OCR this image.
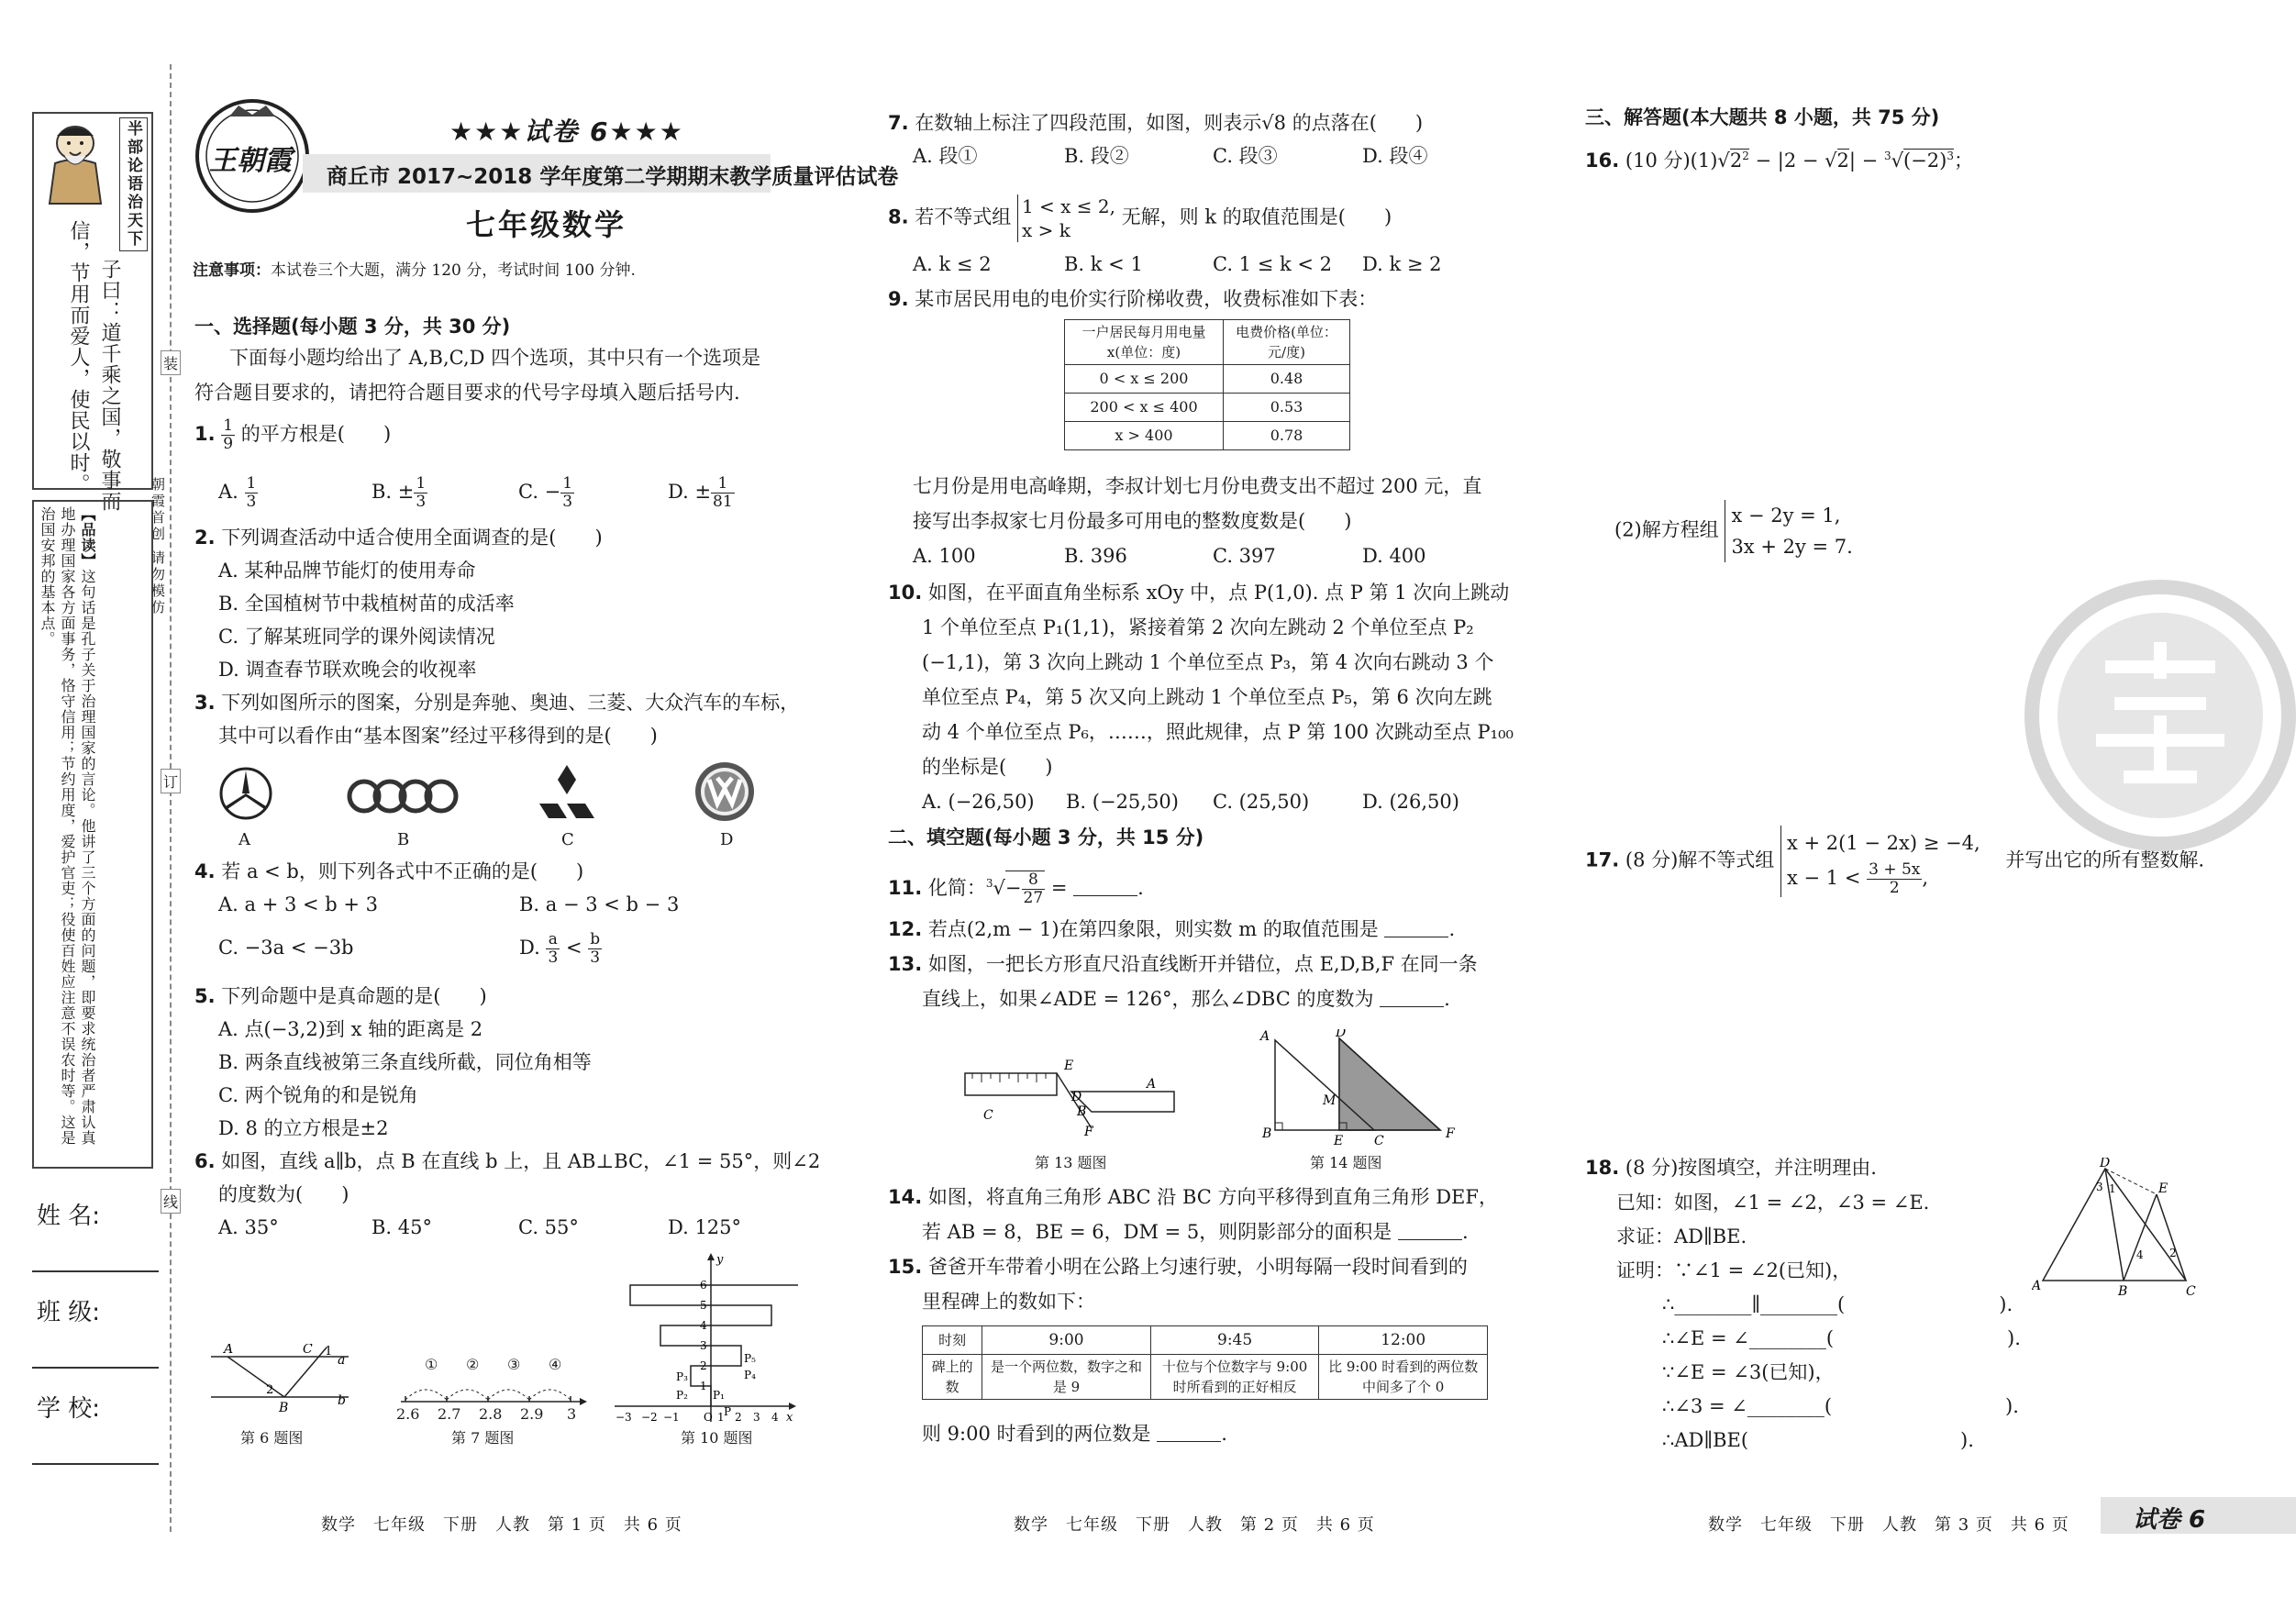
半部论语治天下
子曰：道千乘之国，敬事而
信，节用而爱人，使民以时。
【品读】这句话是孔子关于治理国家的言论。他讲了三个方面的问题，即要求统治者严肃认真地办理国家各方面事务，恪守信用；节约用度，爱护官吏；役使百姓应注意不误农时等。这是治国安邦的基本点。
装
订
线
朝霞首创 请勿模仿
姓 名:
班 级:
学 校:
王朝霞
★★★试卷 6★★★
商丘市 2017~2018 学年度第二学期期末教学质量评估试卷
七年级数学
注意事项：本试卷三个大题，满分 120 分，考试时间 100 分钟.
一、选择题(每小题 3 分，共 30 分)
下面每小题均给出了 A,B,C,D 四个选项，其中只有一个选项是
符合题目要求的，请把符合题目要求的代号字母填入题后括号内.
1. $\frac{1}{9}$ 的平方根是(　　)
A. $\frac{1}{3}$	B. ± $\frac{1}{3}$	C. − $\frac{1}{3}$	D. ± $\frac{1}{81}$
2. 下列调查活动中适合使用全面调查的是(　　)
A. 某种品牌节能灯的使用寿命
B. 全国植树节中栽植树苗的成活率
C. 了解某班同学的课外阅读情况
D. 调查春节联欢晚会的收视率
3. 下列如图所示的图案，分别是奔驰、奥迪、三菱、大众汽车的车标，
其中可以看作由“基本图案”经过平移得到的是(　　)
A	B	C	D
4. 若 a < b，则下列各式中不正确的是(　　)
A. a + 3 < b + 3	B. a − 3 < b − 3
C. −3a < −3b	D. $\frac{a}{3} < \frac{b}{3}$
5. 下列命题中是真命题的是(　　)
A. 点(−3,2)到 x 轴的距离是 2
B. 两条直线被第三条直线所截，同位角相等
C. 两个锐角的和是锐角
D. 8 的立方根是±2
6. 如图，直线 a∥b，点 B 在直线 b 上，且 AB⊥BC，∠1 = 55°，则∠2
的度数为(　　)
A. 35°	B. 45°	C. 55°	D. 125°
A	C 1
a
b
2
B
第 6 题图
① ② ③ ④
2.6 2.7 2.8 2.9 3
第 7 题图
y
x
6
5
4
3
2
1
−3 −2 −1 O 1 2 3 4
P₅
P₄
P₃
P₂ P₁
P
第 10 题图
7. 在数轴上标注了四段范围，如图，则表示√8 的点落在(　　)
A. 段①	B. 段②	C. 段③	D. 段④
8. 若不等式组 1 < x ≤ 2,
x > k
无解，则 k 的取值范围是(　　)
A. k ≤ 2	B. k < 1	C. 1 ≤ k < 2 D. k ≥ 2
9. 某市居民用电的电价实行阶梯收费，收费标准如下表：
一户居民每月用电量 x(单位：度)	电费价格(单位：元/度)
0 < x ≤ 200	0.48
200 < x ≤ 400	0.53
x > 400	0.78
七月份是用电高峰期，李叔计划七月份电费支出不超过 200 元，直
接写出李叔家七月份最多可用电的整数度数是(　　)
A. 100	B. 396	C. 397	D. 400
10. 如图，在平面直角坐标系 xOy 中，点 P(1,0). 点 P 第 1 次向上跳动
1 个单位至点 P₁(1,1)，紧接着第 2 次向左跳动 2 个单位至点 P₂
(−1,1)，第 3 次向上跳动 1 个单位至点 P₃，第 4 次向右跳动 3 个
单位至点 P₄，第 5 次又向上跳动 1 个单位至点 P₅，第 6 次向左跳
动 4 个单位至点 P₆，……，照此规律，点 P 第 100 次跳动至点 P₁₀₀
的坐标是(　　)
A. (−26,50) B. (−25,50) C. (25,50)	D. (26,50)
二、填空题(每小题 3 分，共 15 分)
11. 化简：$^3√- \frac{8}{27}$ =	.
12. 若点(2,m − 1)在第四象限，则实数 m 的取值范围是	.
13. 如图，一把长方形直尺沿直线断开并错位，点 E,D,B,F 在同一条
直线上，如果∠ADE = 126°，那么∠DBC 的度数为	.
E
D
B
F
A
C
第 13 题图
A	D
M
B	E C	F
第 14 题图
14. 如图，将直角三角形 ABC 沿 BC 方向平移得到直角三角形 DEF，
若 AB = 8，BE = 6，DM = 5，则阴影部分的面积是	.
15. 爸爸开车带着小明在公路上匀速行驶，小明每隔一段时间看到的
里程碑上的数如下：
时刻	9:00	9:45	12:00
碑上的数	是一个两位数，数字之和是 9	十位与个位数字与 9:00 时所看到的正好相反	比 9:00 时看到的两位数中间多了个 0
则 9:00 时看到的两位数是	.
三、解答题(本大题共 8 小题，共 75 分)
16. (10 分)$(1)√2^2 - |2 - √2| - ^3√(-2)^3$；
(2)解方程组
x − 2y = 1,
3x + 2y = 7.
17. (8 分)解不等式组
x + 2(1 − 2x) ≥ −4,
$x - 1 < \frac{3 + 5x}{2}$ ,
　并写出它的所有整数解.
18. (8 分)按图填空，并注明理由.
已知：如图，∠1 = ∠2，∠3 = ∠E.
求证：AD∥BE.
证明：∵∠1 = ∠2(已知)，
∴________∥________(　　　　　　　　).
∴∠E = ∠________(　　　　　　　　　).
∵∠E = ∠3(已知)，
∴∠3 = ∠________(　　　　　　　　　).
∴AD∥BE(　　　　　　　　　　　).
D
3 1	E
2
4
A	B	C
数学　七年级　下册　人教　第 1 页　共 6 页	数学　七年级　下册　人教　第 2 页　共 6 页	数学　七年级　下册　人教　第 3 页　共 6 页	试卷 6
